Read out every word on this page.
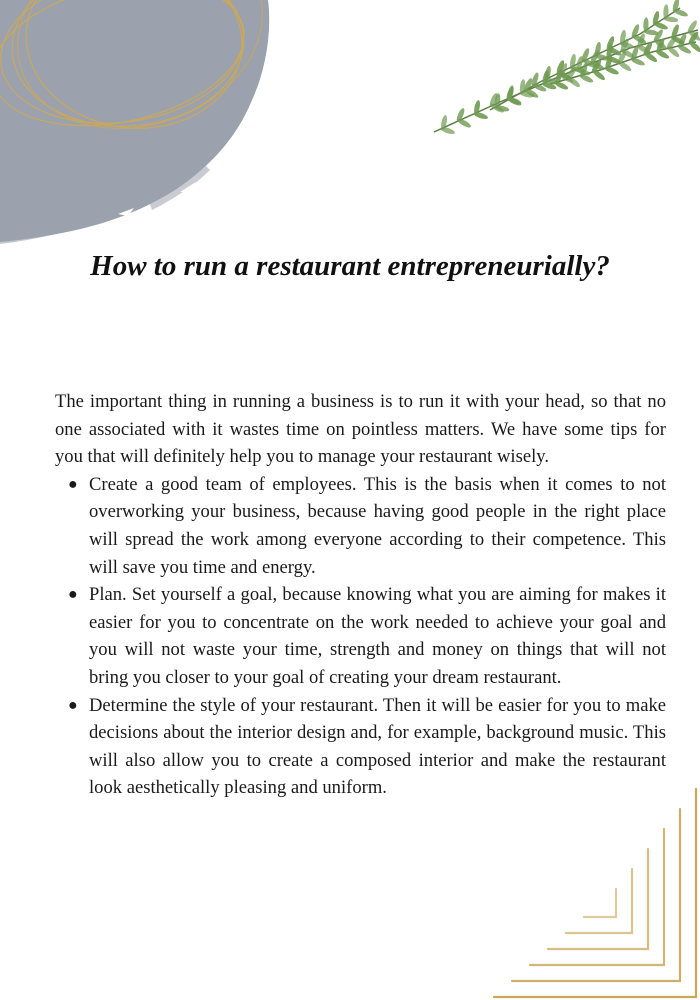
How to run a restaurant entrepreneurially?

The important thing in running a business is to run it with your head, so that no one associated with it wastes time on pointless matters. We have some tips for you that will definitely help you to manage your restaurant wisely.

● Create a good team of employees. This is the basis when it comes to not overworking your business, because having good people in the right place will spread the work among everyone according to their competence. This will save you time and energy.
● Plan. Set yourself a goal, because knowing what you are aiming for makes it easier for you to concentrate on the work needed to achieve your goal and you will not waste your time, strength and money on things that will not bring you closer to your goal of creating your dream restaurant.
● Determine the style of your restaurant. Then it will be easier for you to make decisions about the interior design and, for example, background music. This will also allow you to create a composed interior and make the restaurant look aesthetically pleasing and uniform.
